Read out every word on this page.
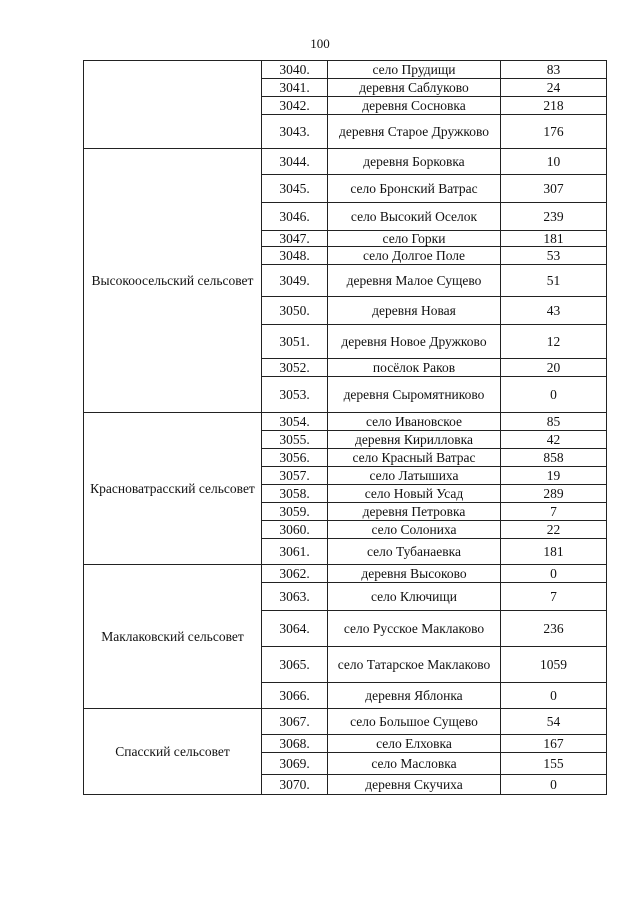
100
	3040.	село Прудищи	83
	3041.	деревня Саблуково	24
	3042.	деревня Сосновка	218
	3043.	деревня Старое Дружково	176
Высокоосельский сельсовет	3044.	деревня Борковка	10
	3045.	село Бронский Ватрас	307
	3046.	село Высокий Оселок	239
	3047.	село Горки	181
	3048.	село Долгое Поле	53
	3049.	деревня Малое Сущево	51
	3050.	деревня Новая	43
	3051.	деревня Новое Дружково	12
	3052.	посёлок Раков	20
	3053.	деревня Сыромятниково	0
Красноватрасский сельсовет	3054.	село Ивановское	85
	3055.	деревня Кирилловка	42
	3056.	село Красный Ватрас	858
	3057.	село Латышиха	19
	3058.	село Новый Усад	289
	3059.	деревня Петровка	7
	3060.	село Солониха	22
	3061.	село Тубанаевка	181
Маклаковский сельсовет	3062.	деревня Высоково	0
	3063.	село Ключищи	7
	3064.	село Русское Маклаково	236
	3065.	село Татарское Маклаково	1059
	3066.	деревня Яблонка	0
Спасский сельсовет	3067.	село Большое Сущево	54
	3068.	село Елховка	167
	3069.	село Масловка	155
	3070.	деревня Скучиха	0
